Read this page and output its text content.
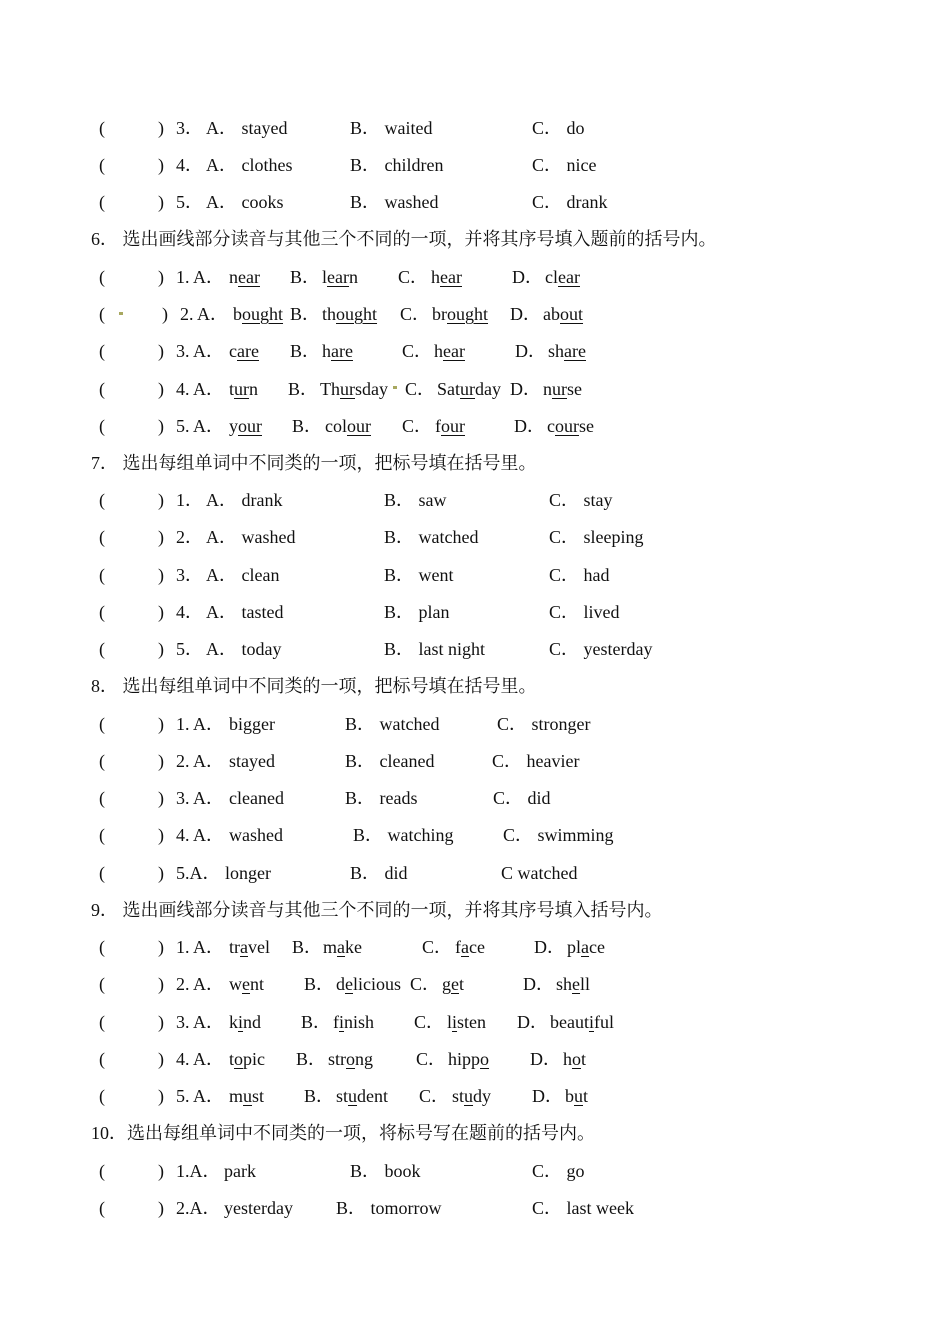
(	) 3． A． stayed	B． waited	C． do
(	) 4． A． clothes	B． children	C． nice
(	) 5． A． cooks	B． washed	C． drank
6． 选出画线部分读音与其他三个不同的一项，并将其序号填入题前的括号内。
(	) 1. A． near B． learn C． hear	D． clear
(	) 2. A． bought B． thought C． brought D． about
(	) 3. A． care B． hare	C． hear	D． share
(	) 4. A． turn B． Thursday C． Saturday D． nurse
(	) 5. A． your B． colour C． four	D． course
7． 选出每组单词中不同类的一项，把标号填在括号里。
(	) 1． A． drank	B． saw	C． stay
(	) 2． A． washed	B． watched	C． sleeping
(	) 3． A． clean	B． went	C． had
(	) 4． A． tasted	B． plan	C． lived
(	) 5． A． today	B． last night	C． yesterday
8． 选出每组单词中不同类的一项，把标号填在括号里。
(	) 1. A． bigger	B． watched	C． stronger
(	) 2. A． stayed	B． cleaned	C． heavier
(	) 3. A． cleaned	B． reads	C． did
(	) 4. A． washed	B． watching	C． swimming
(	) 5.A． longer	B． did	C watched
9． 选出画线部分读音与其他三个不同的一项，并将其序号填入括号内。
(	) 1. A． travel B． make	C． face	D． place
(	) 2. A． went B． delicious C． get	D． shell
(	) 3. A． kind B． finish C． listen D． beautiful
(	) 4. A． topic B． strong C． hippo D． hot
(	) 5. A． must B． student C． study D． but
10．选出每组单词中不同类的一项，将标号写在题前的括号内。
(	) 1.A． park	B． book	C． go
(	) 2.A． yesterday B． tomorrow	C． last week
